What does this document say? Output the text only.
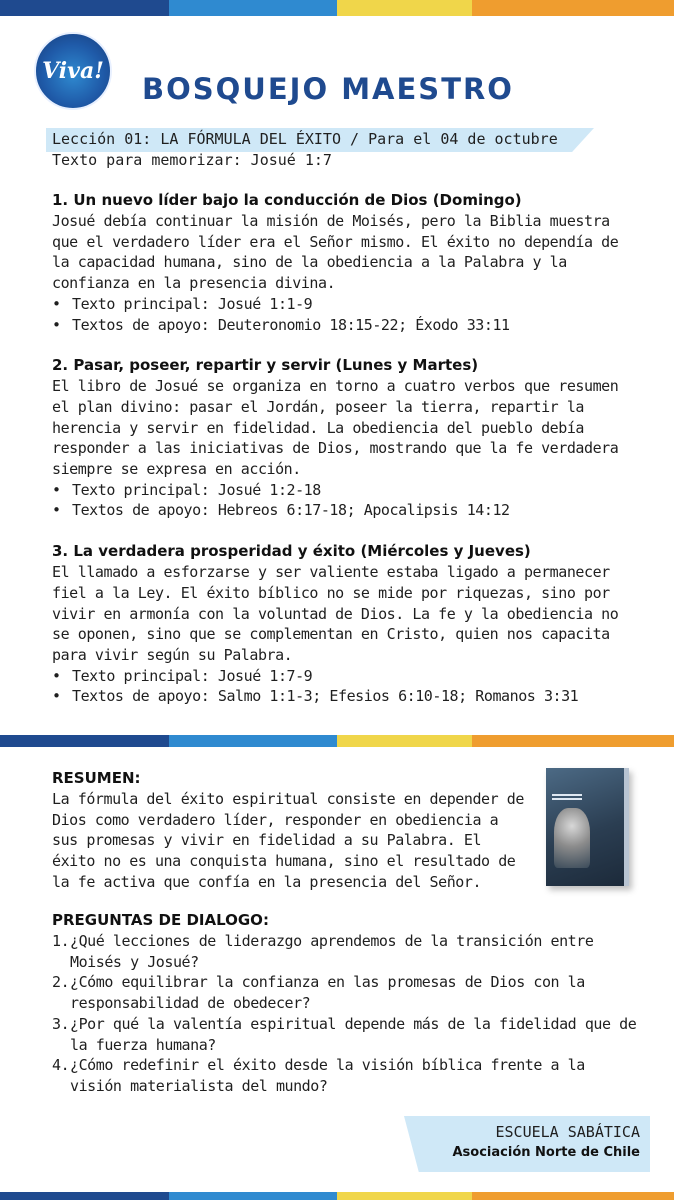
Viva!
BOSQUEJO MAESTRO
Lección 01: LA FÓRMULA DEL ÉXITO / Para el 04 de octubre
Texto para memorizar: Josué 1:7
1. Un nuevo líder bajo la conducción de Dios (Domingo)

Josué debía continuar la misión de Moisés, pero la Biblia muestra que el verdadero líder era el Señor mismo. El éxito no dependía de la capacidad humana, sino de la obediencia a la Palabra y la confianza en la presencia divina.

• Texto principal: Josué 1:1-9
• Textos de apoyo: Deuteronomio 18:15-22; Éxodo 33:11
2. Pasar, poseer, repartir y servir (Lunes y Martes)

El libro de Josué se organiza en torno a cuatro verbos que resumen el plan divino: pasar el Jordán, poseer la tierra, repartir la herencia y servir en fidelidad. La obediencia del pueblo debía responder a las iniciativas de Dios, mostrando que la fe verdadera siempre se expresa en acción.

• Texto principal: Josué 1:2-18
• Textos de apoyo: Hebreos 6:17-18; Apocalipsis 14:12
3. La verdadera prosperidad y éxito (Miércoles y Jueves)

El llamado a esforzarse y ser valiente estaba ligado a permanecer fiel a la Ley. El éxito bíblico no se mide por riquezas, sino por vivir en armonía con la voluntad de Dios. La fe y la obediencia no se oponen, sino que se complementan en Cristo, quien nos capacita para vivir según su Palabra.

• Texto principal: Josué 1:7-9
• Textos de apoyo: Salmo 1:1-3; Efesios 6:10-18; Romanos 3:31
RESUMEN:

La fórmula del éxito espiritual consiste en depender de Dios como verdadero líder, responder en obediencia a sus promesas y vivir en fidelidad a su Palabra. El éxito no es una conquista humana, sino el resultado de la fe activa que confía en la presencia del Señor.

PREGUNTAS DE DIALOGO:
1. ¿Qué lecciones de liderazgo aprendemos de la transición entre Moisés y Josué?
2. ¿Cómo equilibrar la confianza en las promesas de Dios con la responsabilidad de obedecer?
3. ¿Por qué la valentía espiritual depende más de la fidelidad que de la fuerza humana?
4. ¿Cómo redefinir el éxito desde la visión bíblica frente a la visión materialista del mundo?
ESCUELA SABÁTICA
Asociación Norte de Chile
